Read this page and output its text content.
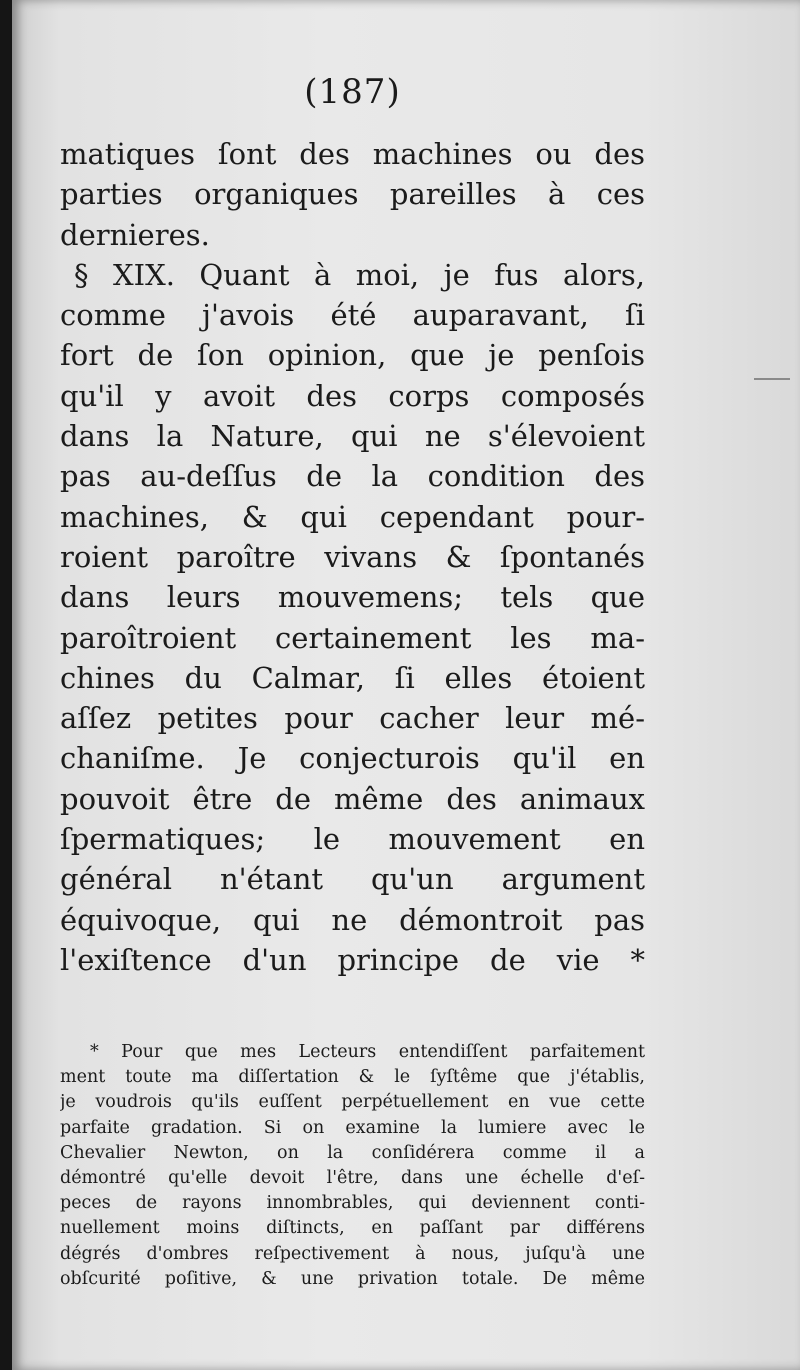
(187)
matiques ſont des machines ou des
parties organiques pareilles à ces
dernieres.
§ XIX. Quant à moi, je fus alors,
comme j'avois été auparavant, ſi
fort de ſon opinion, que je penſois
qu'il y avoit des corps composés
dans la Nature, qui ne s'élevoient
pas au-deſſus de la condition des
machines, & qui cependant pour-
roient paroître vivans & ſpontanés
dans leurs mouvemens; tels que
paroîtroient certainement les ma-
chines du Calmar, ſi elles étoient
aſſez petites pour cacher leur mé-
chaniſme. Je conjecturois qu'il en
pouvoit être de même des animaux
ſpermatiques; le mouvement en
général n'étant qu'un argument
équivoque, qui ne démontroit pas
l'exiſtence d'un principe de vie *
* Pour que mes Lecteurs entendiſſent parfaitement
ment toute ma diſſertation & le ſyſtême que j'établis,
je voudrois qu'ils euſſent perpétuellement en vue cette
parfaite gradation. Si on examine la lumiere avec le
Chevalier Newton, on la conſidérera comme il a
démontré qu'elle devoit l'être, dans une échelle d'eſ-
peces de rayons innombrables, qui deviennent conti-
nuellement moins diſtincts, en paſſant par différens
dégrés d'ombres reſpectivement à nous, juſqu'à une
obſcurité poſitive, & une privation totale. De même
